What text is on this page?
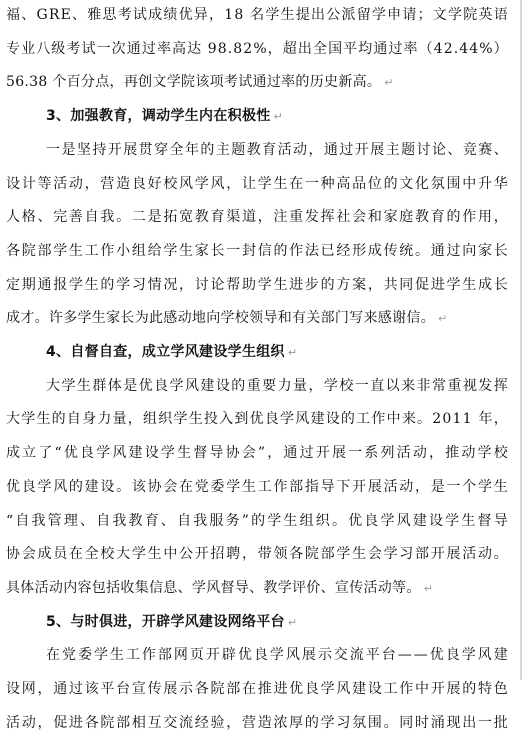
福、GRE、雅思考试成绩优异，18 名学生提出公派留学申请；文学院英语
专业八级考试一次通过率高达 98.82%，超出全国平均通过率（42.44%）
56.38 个百分点，再创文学院该项考试通过率的历史新高。 ↵
3、加强教育，调动学生内在积极性 ↵
一是坚持开展贯穿全年的主题教育活动，通过开展主题讨论、竞赛、
设计等活动，营造良好校风学风，让学生在一种高品位的文化氛围中升华
人格、完善自我。二是拓宽教育渠道，注重发挥社会和家庭教育的作用，
各院部学生工作小组给学生家长一封信的作法已经形成传统。通过向家长
定期通报学生的学习情况，讨论帮助学生进步的方案，共同促进学生成长
成才。许多学生家长为此感动地向学校领导和有关部门写来感谢信。 ↵
4、自督自查，成立学风建设学生组织 ↵
大学生群体是优良学风建设的重要力量，学校一直以来非常重视发挥
大学生的自身力量，组织学生投入到优良学风建设的工作中来。2011 年，
成立了“优良学风建设学生督导协会”，通过开展一系列活动，推动学校
优良学风的建设。该协会在党委学生工作部指导下开展活动，是一个学生
“自我管理、自我教育、自我服务”的学生组织。优良学风建设学生督导
协会成员在全校大学生中公开招聘，带领各院部学生会学习部开展活动。
具体活动内容包括收集信息、学风督导、教学评价、宣传活动等。 ↵
5、与时俱进，开辟学风建设网络平台 ↵
在党委学生工作部网页开辟优良学风展示交流平台——优良学风建
设网，通过该平台宣传展示各院部在推进优良学风建设工作中开展的特色
活动，促进各院部相互交流经验，营造浓厚的学习氛围。同时涌现出一批
